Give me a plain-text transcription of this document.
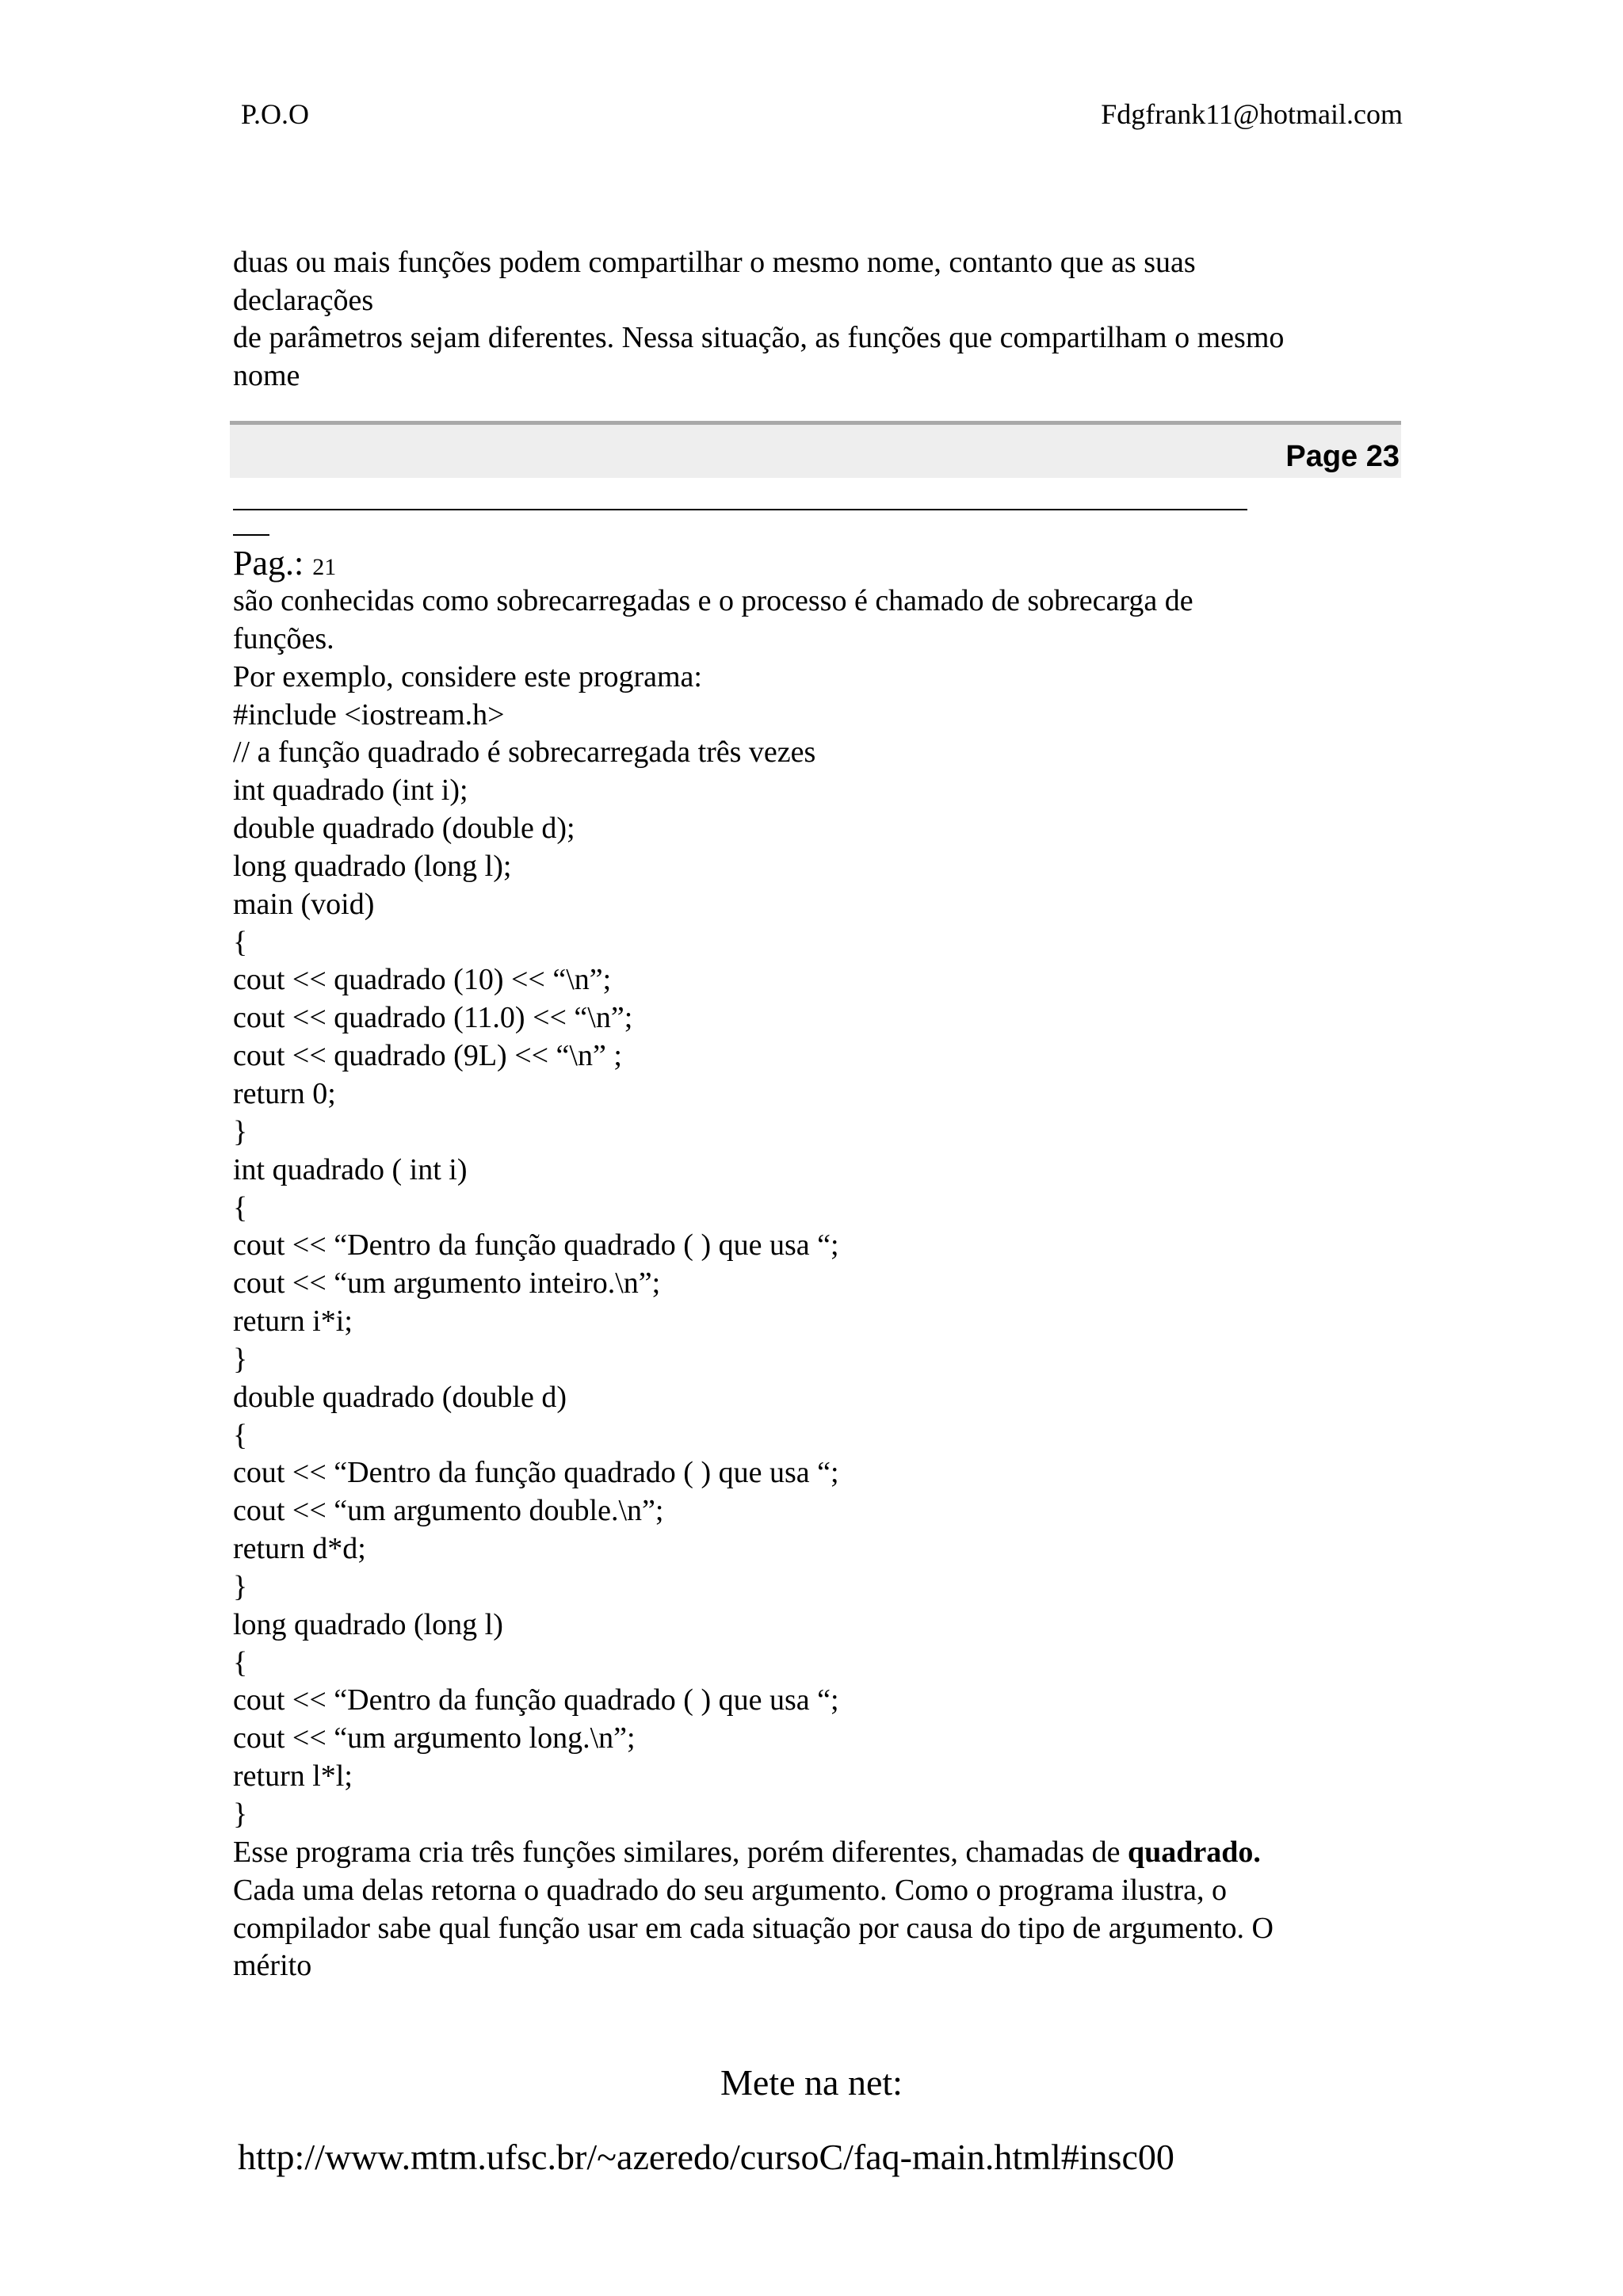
P.O.O	Fdgfrank11@hotmail.com

duas ou mais funções podem compartilhar o mesmo nome, contanto que as suas

declarações

de parâmetros sejam diferentes. Nessa situação, as funções que compartilham o mesmo

nome

Page 23
Pag.: 21

são conhecidas como sobrecarregadas e o processo é chamado de sobrecarga de

funções.

Por exemplo, considere este programa:

#include <iostream.h>

// a função quadrado é sobrecarregada três vezes

int quadrado (int i);

double quadrado (double d);

long quadrado (long l);

main (void)

{

cout << quadrado (10) << “\n”;

cout << quadrado (11.0) << “\n”;

cout << quadrado (9L) << “\n” ;

return 0;

}

int quadrado ( int i)

{

cout << “Dentro da função quadrado ( ) que usa “;

cout << “um argumento inteiro.\n”;

return i*i;

}

double quadrado (double d)

{

cout << “Dentro da função quadrado ( ) que usa “;

cout << “um argumento double.\n”;

return d*d;

}

long quadrado (long l)

{

cout << “Dentro da função quadrado ( ) que usa “;

cout << “um argumento long.\n”;

return l*l;

}

Esse programa cria três funções similares, porém diferentes, chamadas de quadrado.

Cada uma delas retorna o quadrado do seu argumento. Como o programa ilustra, o

compilador sabe qual função usar em cada situação por causa do tipo de argumento. O

mérito

Mete na net:
http://www.mtm.ufsc.br/~azeredo/cursoC/faq-main.html#insc00
